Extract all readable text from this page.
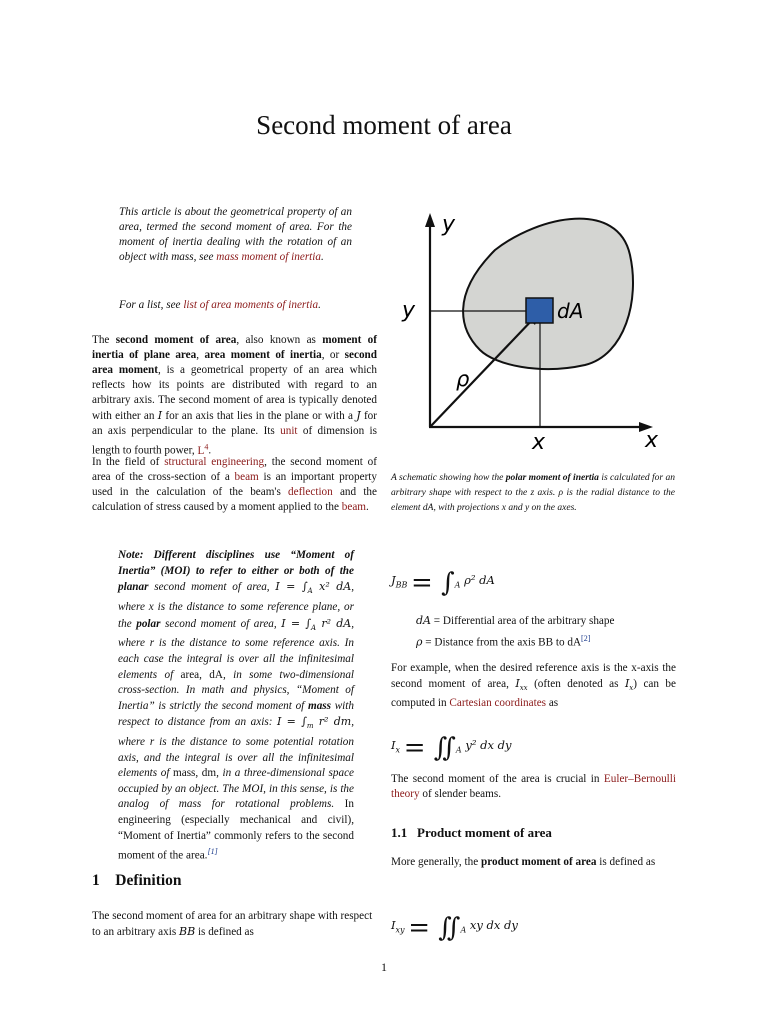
Second moment of area
This article is about the geometrical property of an area, termed the second moment of area. For the moment of inertia dealing with the rotation of an object with mass, see mass moment of inertia.
For a list, see list of area moments of inertia.
The second moment of area, also known as moment of inertia of plane area, area moment of inertia, or second area moment, is a geometrical property of an area which reflects how its points are distributed with regard to an arbitrary axis. The second moment of area is typically denoted with either an I for an axis that lies in the plane or with a J for an axis perpendicular to the plane. Its unit of dimension is length to fourth power, $L^4$.
In the field of structural engineering, the second moment of area of the cross-section of a beam is an important property used in the calculation of the beam's deflection and the calculation of stress caused by a moment applied to the beam.
Note: Different disciplines use “Moment of Inertia” (MOI) to refer to either or both of the planar second moment of area, $I = \int_A$ x² dA, where x is the distance to some reference plane, or the polar second moment of area, $I = \int_A$ r² dA, where r is the distance to some reference axis. In each case the integral is over all the infinitesimal elements of area, dA, in some two-dimensional cross-section. In math and physics, “Moment of Inertia” is strictly the second moment of mass with respect to distance from an axis: $I = \int_m$ r² dm, where r is the distance to some potential rotation axis, and the integral is over all the infinitesimal elements of mass, dm, in a three-dimensional space occupied by an object. The MOI, in this sense, is the analog of mass for rotational problems. In engineering (especially mechanical and civil), “Moment of Inertia” commonly refers to the second moment of the area.[1]
1 Definition
The second moment of area for an arbitrary shape with respect to an arbitrary axis BB is defined as
y
x
y
x
dA
ρ
A schematic showing how the polar moment of inertia is calculated for an arbitrary shape with respect to the z axis. ρ is the radial distance to the element dA, with projections x and y on the axes.
$J_{BB} = \int_A$ ρ² dA
dA = Differential area of the arbitrary shape
ρ = Distance from the axis BB to dA[2]
For example, when the desired reference axis is the x-axis the second moment of area, $I_{xx}$ (often denoted as $I_x$) can be computed in Cartesian coordinates as
$I_x$ = $∬_A$ y² dx dy
The second moment of the area is crucial in Euler–Bernoulli theory of slender beams.
1.1 Product moment of area
More generally, the product moment of area is defined as
$I_{xy}$ = $∬_A$ xy dx dy
1
